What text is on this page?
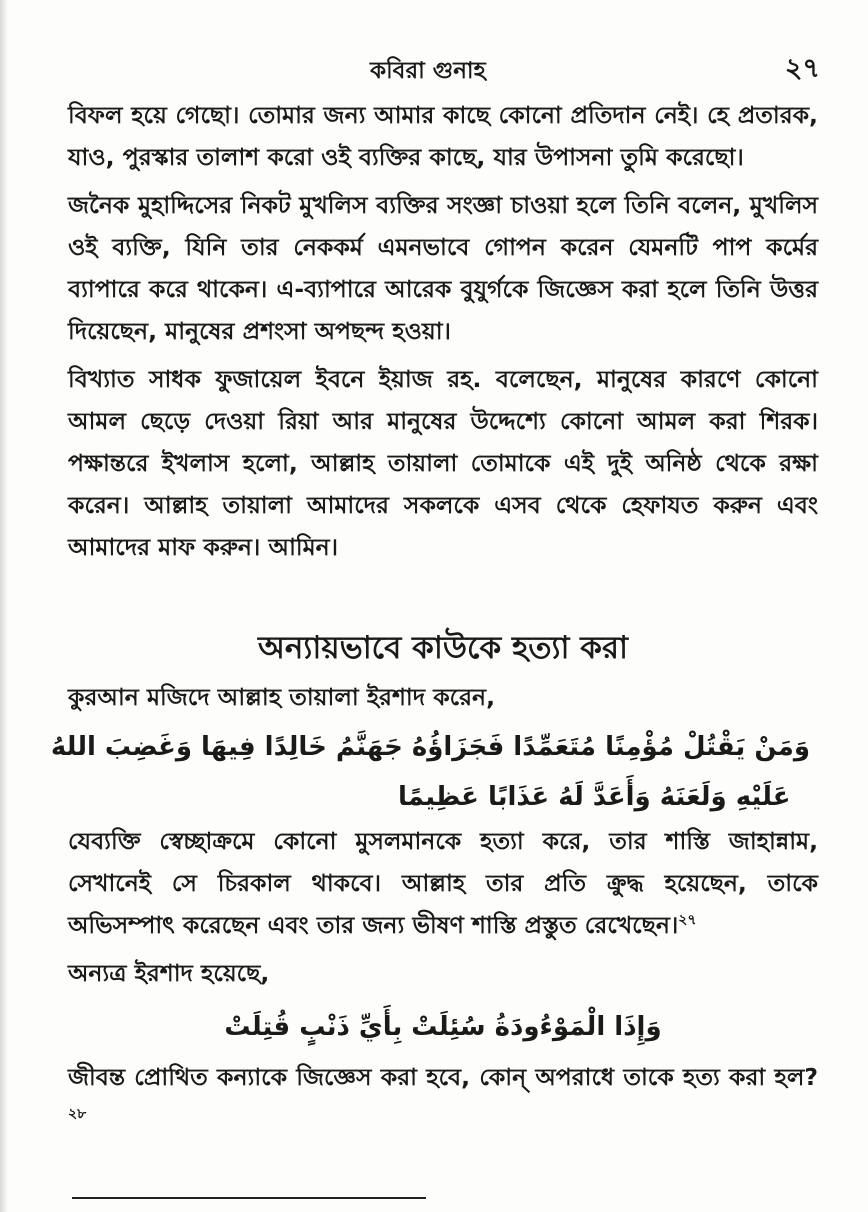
কবিরা গুনাহ	২৭

বিফল হয়ে গেছো। তোমার জন্য আমার কাছে কোনো প্রতিদান নেই। হে প্রতারক, যাও, পুরস্কার তালাশ করো ওই ব্যক্তির কাছে, যার উপাসনা তুমি করেছো।

জনৈক মুহাদ্দিসের নিকট মুখলিস ব্যক্তির সংজ্ঞা চাওয়া হলে তিনি বলেন, মুখলিস ওই ব্যক্তি, যিনি তার নেককর্ম এমনভাবে গোপন করেন যেমনটি পাপ কর্মের ব্যাপারে করে থাকেন। এ-ব্যাপারে আরেক বুযুর্গকে জিজ্ঞেস করা হলে তিনি উত্তর দিয়েছেন, মানুষের প্রশংসা অপছন্দ হওয়া।

বিখ্যাত সাধক ফুজায়েল ইবনে ইয়াজ রহ. বলেছেন, মানুষের কারণে কোনো আমল ছেড়ে দেওয়া রিয়া আর মানুষের উদ্দেশ্যে কোনো আমল করা শিরক। পক্ষান্তরে ইখলাস হলো, আল্লাহ তায়ালা তোমাকে এই দুই অনিষ্ঠ থেকে রক্ষা করেন। আল্লাহ তায়ালা আমাদের সকলকে এসব থেকে হেফাযত করুন এবং আমাদের মাফ করুন। আমিন।

অন্যায়ভাবে কাউকে হত্যা করা

কুরআন মজিদে আল্লাহ তায়ালা ইরশাদ করেন,

وَمَنْ يَقْتُلْ مُؤْمِنًا مُتَعَمِّدًا فَجَزَاؤُهُ جَهَنَّمُ خَالِدًا فِيهَا وَغَضِبَ اللهُ
عَلَيْهِ وَلَعَنَهُ وَأَعَدَّ لَهُ عَذَابًا عَظِيمًا

যেব্যক্তি স্বেচ্ছাক্রমে কোনো মুসলমানকে হত্যা করে, তার শাস্তি জাহান্নাম, সেখানেই সে চিরকাল থাকবে। আল্লাহ তার প্রতি ক্রুদ্ধ হয়েছেন, তাকে অভিসম্পাৎ করেছেন এবং তার জন্য ভীষণ শাস্তি প্রস্তুত রেখেছেন।$^{২৭}$

অন্যত্র ইরশাদ হয়েছে,

وَإِذَا الْمَوْءُودَةُ سُئِلَتْ بِأَيِّ ذَنْبٍ قُتِلَتْ

জীবন্ত প্রোথিত কন্যাকে জিজ্ঞেস করা হবে, কোন্ অপরাধে তাকে হত্য করা হল?$^{২৮}$
